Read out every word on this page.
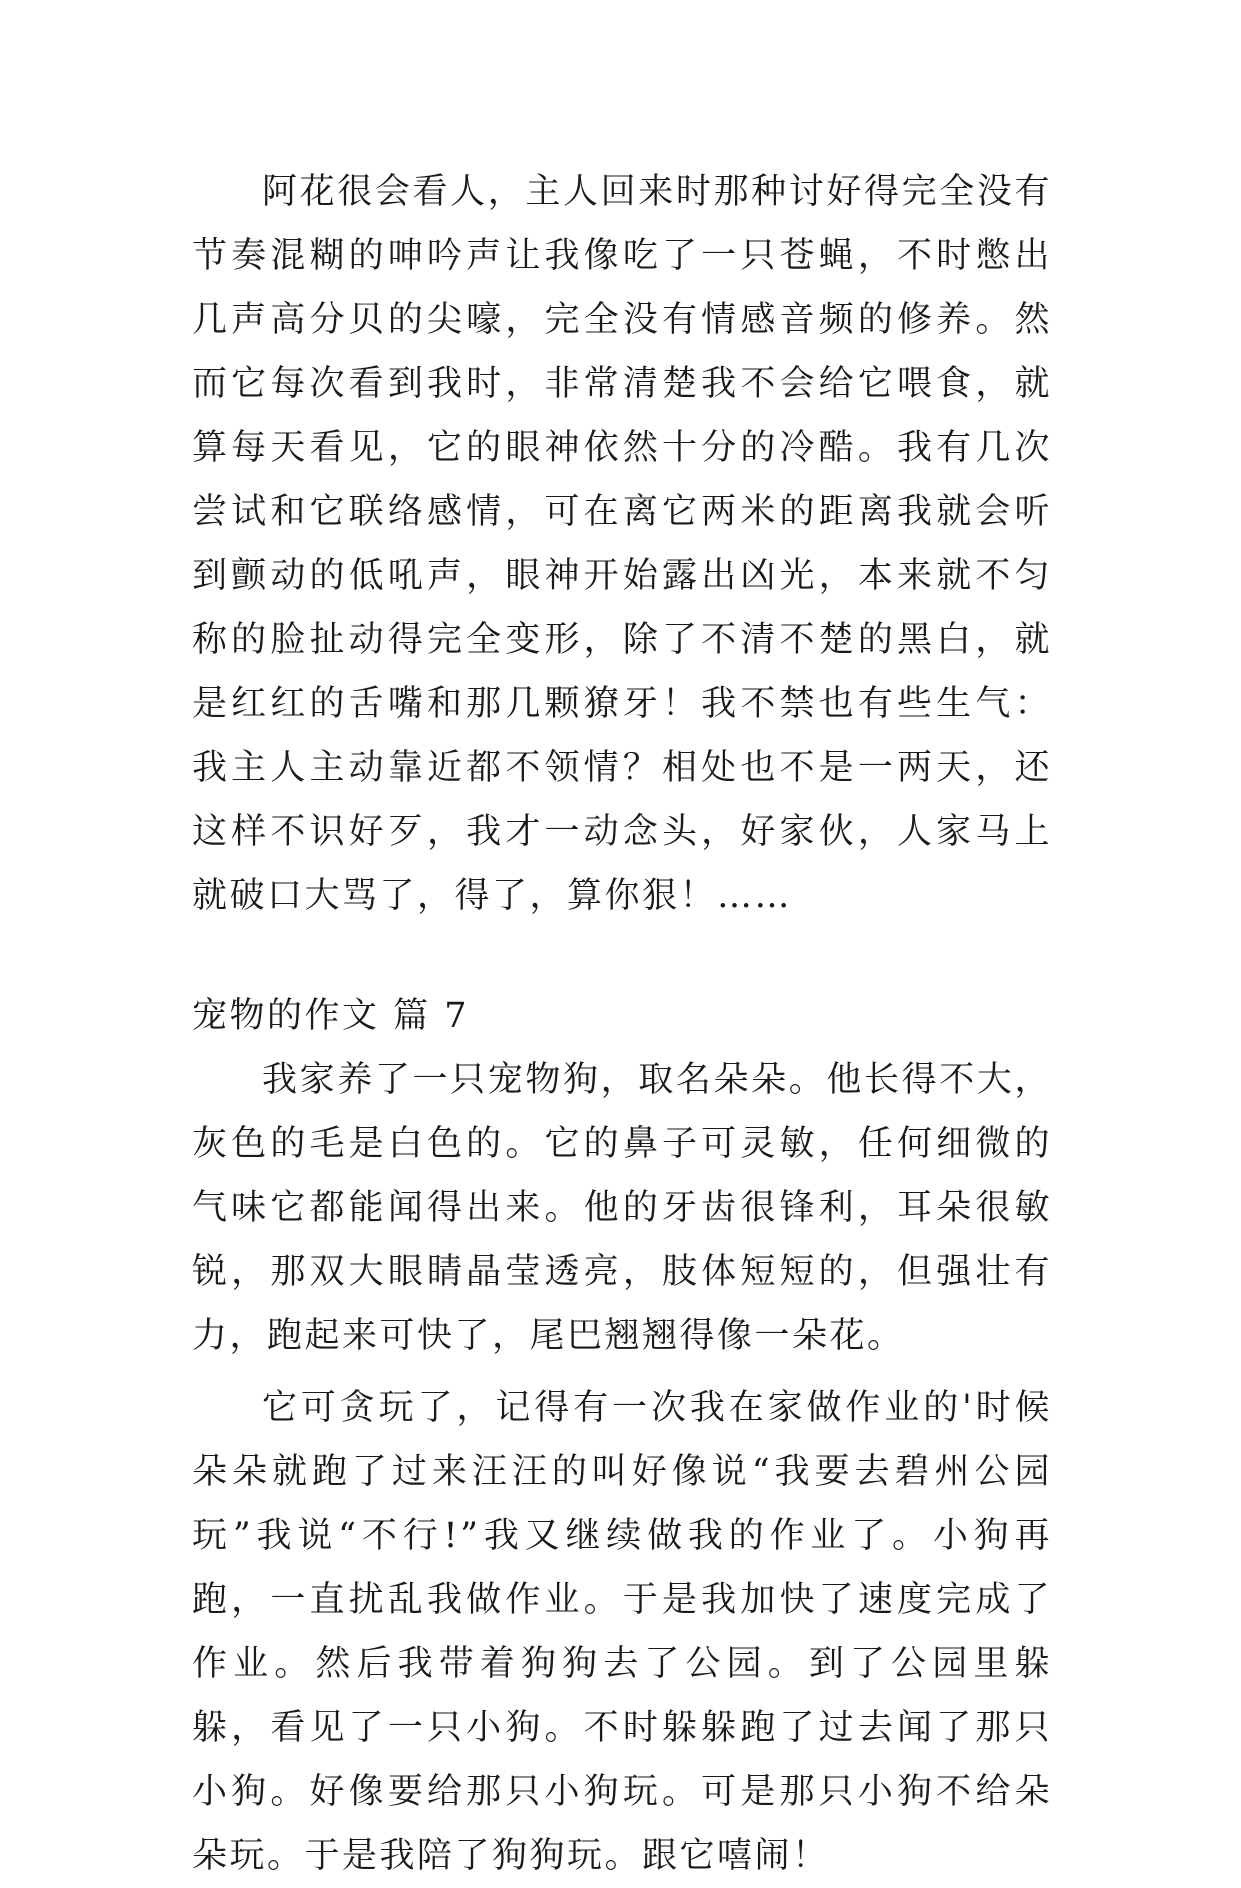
阿花很会看人，主人回来时那种讨好得完全没有节奏混糊的呻吟声让我像吃了一只苍蝇，不时憋出几声高分贝的尖嚎，完全没有情感音频的修养。然而它每次看到我时，非常清楚我不会给它喂食，就算每天看见，它的眼神依然十分的冷酷。我有几次尝试和它联络感情，可在离它两米的距离我就会听到颤动的低吼声，眼神开始露出凶光，本来就不匀称的脸扯动得完全变形，除了不清不楚的黑白，就是红红的舌嘴和那几颗獠牙！我不禁也有些生气：我主人主动靠近都不领情？相处也不是一两天，还这样不识好歹，我才一动念头，好家伙，人家马上就破口大骂了，得了，算你狠！……

宠物的作文 篇 7

我家养了一只宠物狗，取名朵朵。他长得不大，灰色的毛是白色的。它的鼻子可灵敏，任何细微的气味它都能闻得出来。他的牙齿很锋利，耳朵很敏锐，那双大眼睛晶莹透亮，肢体短短的，但强壮有力，跑起来可快了，尾巴翘翘得像一朵花。

它可贪玩了，记得有一次我在家做作业的'时候朵朵就跑了过来汪汪的叫好像说“我要去碧州公园玩”我说“不行!”我又继续做我的作业了。小狗再跑，一直扰乱我做作业。于是我加快了速度完成了作业。然后我带着狗狗去了公园。到了公园里躲躲，看见了一只小狗。不时躲躲跑了过去闻了那只小狗。好像要给那只小狗玩。可是那只小狗不给朵朵玩。于是我陪了狗狗玩。跟它嘻闹！
